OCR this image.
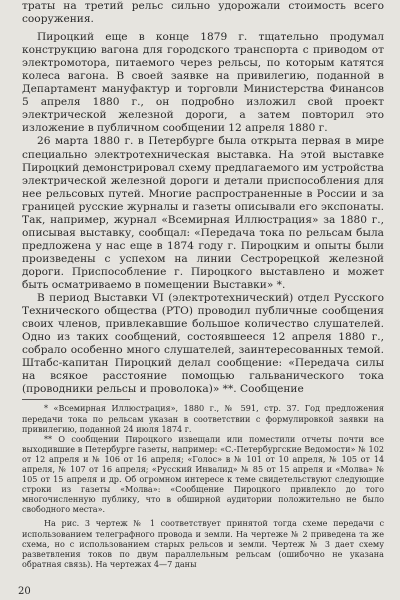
траты на третий рельс сильно удорожали стоимость всего сооружения.

Пироцкий еще в конце 1879 г. тщательно продумал конструкцию вагона для городского транспорта с приводом от электромотора, питаемого через рельсы, по которым катятся колеса вагона. В своей заявке на привилегию, поданной в Департамент мануфактур и торговли Министерства Финансов 5 апреля 1880 г., он подробно изложил свой проект электрической железной дороги, а затем повторил это изложение в публичном сообщении 12 апреля 1880 г.

26 марта 1880 г. в Петербурге была открыта первая в мире специально электротехническая выставка. На этой выставке Пироцкий демонстрировал схему предлагаемого им устройства электрической железной дороги и детали приспособления для нее рельсовых путей. Многие распространенные в России и за границей русские журналы и газеты описывали его экспонаты. Так, например, журнал «Всемирная Иллюстрация» за 1880 г., описывая выставку, сообщал: «Передача тока по рельсам была предложена у нас еще в 1874 году г. Пироцким и опыты были произведены с успехом на линии Сестрорецкой железной дороги. Приспособление г. Пироцкого выставлено и может быть осматриваемо в помещении Выставки» *.

В период Выставки VI (электротехнический) отдел Русского Технического общества (РТО) проводил публичные сообщения своих членов, привлекавшие большое количество слушателей. Одно из таких сообщений, состоявшееся 12 апреля 1880 г., собрало особенно много слушателей, заинтересованных темой. Штабс-капитан Пироцкий делал сообщение: «Передача силы на всякое расстояние помощью гальванического тока (проводники рельсы и проволока)» **. Сообщение

* «Всемирная Иллюстрация», 1880 г., № 591, стр. 37. Год предложения передачи тока по рельсам указан в соответствии с формулировкой заявки на привилегию, поданной 24 июля 1874 г.

** О сообщении Пироцкого извещали или поместили отчеты почти все выходившие в Петербурге газеты, например: «С.-Петербургские Ведомости» № 102 от 12 апреля и № 106 от 16 апреля; «Голос» в № 101 от 10 апреля, № 105 от 14 апреля, № 107 от 16 апреля; «Русский Инвалид» № 85 от 15 апреля и «Молва» № 105 от 15 апреля и др. Об огромном интересе к теме свидетельствуют следующие строки из газеты «Молва»: «Сообщение Пироцкого привлекло до того многочисленную публику, что в обширной аудитории положительно не было свободного места».

На рис. 3 чертеж № 1 соответствует принятой тогда схеме передачи с использованием телеграфного провода и земли. На чертеже № 2 приведена та же схема, но с использованием старых рельсов и земли. Чертеж № 3 дает схему разветвления токов по двум параллельным рельсам (ошибочно не указана обратная связь). На чертежах 4—7 даны

20
